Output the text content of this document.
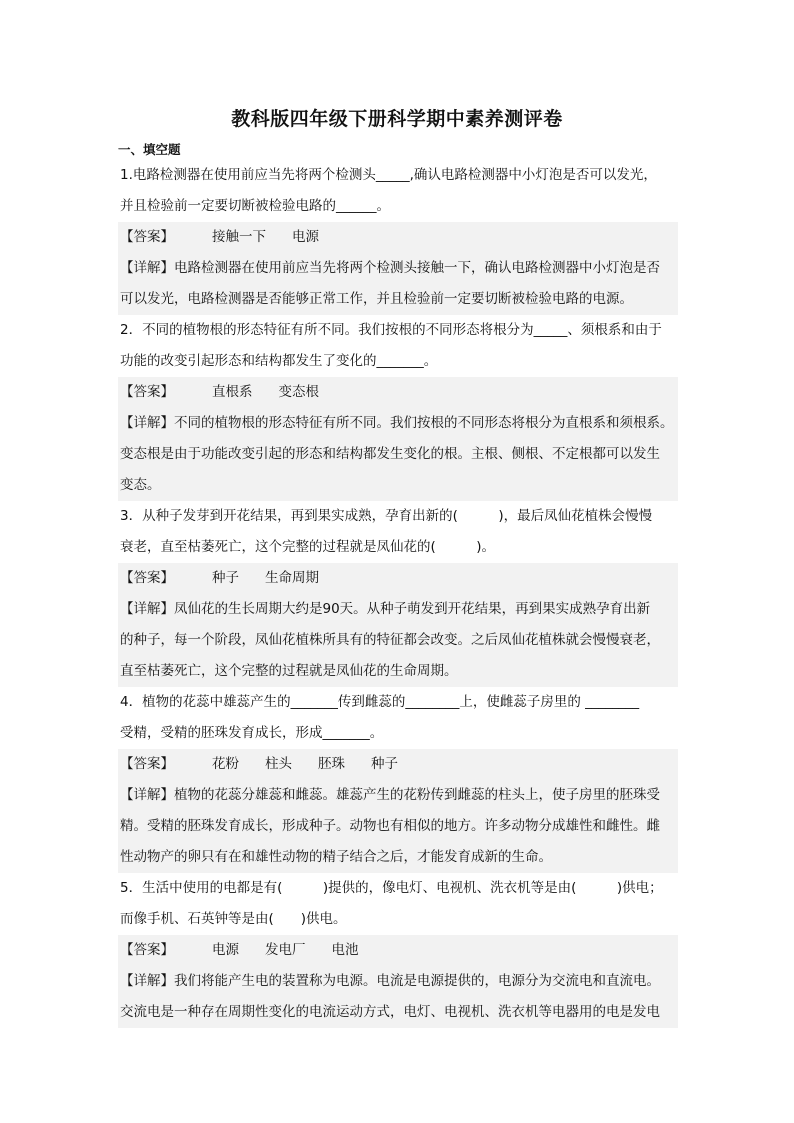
教科版四年级下册科学期中素养测评卷
一、填空题
1.电路检测器在使用前应当先将两个检测头_____,确认电路检测器中小灯泡是否可以发光，
并且检验前一定要切断被检验电路的______。
【答案】	接触一下 电源
【详解】电路检测器在使用前应当先将两个检测头接触一下，确认电路检测器中小灯泡是否
可以发光，电路检测器是否能够正常工作，并且检验前一定要切断被检验电路的电源。
2．不同的植物根的形态特征有所不同。我们按根的不同形态将根分为_____、须根系和由于
功能的改变引起形态和结构都发生了变化的_______。
【答案】	直根系 变态根
【详解】不同的植物根的形态特征有所不同。我们按根的不同形态将根分为直根系和须根系。
变态根是由于功能改变引起的形态和结构都发生变化的根。主根、侧根、不定根都可以发生
变态。
3．从种子发芽到开花结果，再到果实成熟，孕育出新的(　　　)，最后凤仙花植株会慢慢
衰老，直至枯萎死亡，这个完整的过程就是凤仙花的(　　　)。
【答案】	种子 生命周期
【详解】凤仙花的生长周期大约是90天。从种子萌发到开花结果，再到果实成熟孕育出新
的种子，每一个阶段，凤仙花植株所具有的特征都会改变。之后凤仙花植株就会慢慢衰老，
直至枯萎死亡，这个完整的过程就是凤仙花的生命周期。
4．植物的花蕊中雄蕊产生的_______传到雌蕊的________上，使雌蕊子房里的 ________
受精，受精的胚珠发育成长，形成_______。
【答案】	花粉 柱头 胚珠 种子
【详解】植物的花蕊分雄蕊和雌蕊。雄蕊产生的花粉传到雌蕊的柱头上，使子房里的胚珠受
精。受精的胚珠发育成长，形成种子。动物也有相似的地方。许多动物分成雄性和雌性。雌
性动物产的卵只有在和雄性动物的精子结合之后，才能发育成新的生命。
5．生活中使用的电都是有(　　　)提供的，像电灯、电视机、洗衣机等是由(　　　)供电；
而像手机、石英钟等是由(　　)供电。
【答案】	电源 发电厂 电池
【详解】我们将能产生电的装置称为电源。电流是电源提供的，电源分为交流电和直流电。
交流电是一种存在周期性变化的电流运动方式，电灯、电视机、洗衣机等电器用的电是发电
